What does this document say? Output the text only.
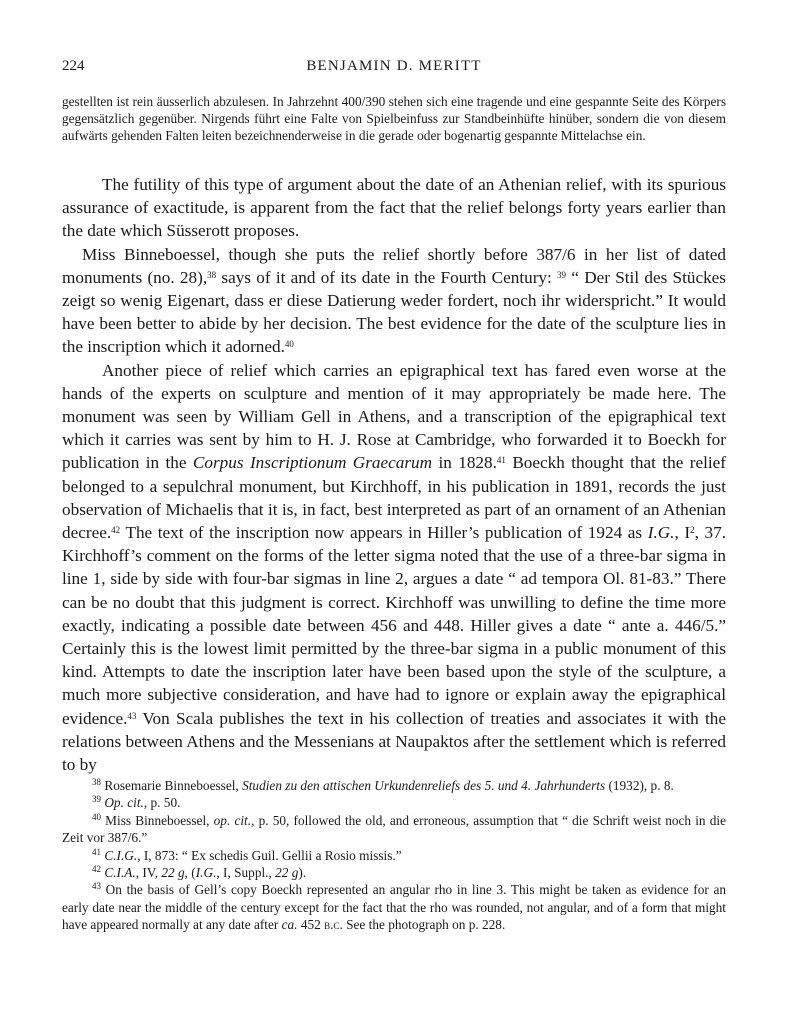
224	BENJAMIN D. MERITT
gestellten ist rein äusserlich abzulesen. In Jahrzehnt 400/390 stehen sich eine tragende und eine gespannte Seite des Körpers gegensätzlich gegenüber. Nirgends führt eine Falte von Spielbeinfuss zur Standbeinhüfte hinüber, sondern die von diesem aufwärts gehenden Falten leiten bezeichnenderweise in die gerade oder bogenartig gespannte Mittelachse ein.

The futility of this type of argument about the date of an Athenian relief, with its spurious assurance of exactitude, is apparent from the fact that the relief belongs forty years earlier than the date which Süsserott proposes.

Miss Binneboessel, though she puts the relief shortly before 387/6 in her list of dated monuments (no. 28),$^{38}$ says of it and of its date in the Fourth Century: $^{39}$ “ Der Stil des Stückes zeigt so wenig Eigenart, dass er diese Datierung weder fordert, noch ihr widerspricht.” It would have been better to abide by her decision. The best evidence for the date of the sculpture lies in the inscription which it adorned.$^{40}$

Another piece of relief which carries an epigraphical text has fared even worse at the hands of the experts on sculpture and mention of it may appropriately be made here. The monument was seen by William Gell in Athens, and a transcription of the epigraphical text which it carries was sent by him to H. J. Rose at Cambridge, who forwarded it to Boeckh for publication in the Corpus Inscriptionum Graecarum in 1828.41 Boeckh thought that the relief belonged to a sepulchral monument, but Kirchhoff, in his publication in 1891, records the just observation of Michaelis that it is, in fact, best interpreted as part of an ornament of an Athenian decree.$^{42}$ The text of the inscription now appears in Hiller’s publication of 1924 as I.G., $I^2$, 37. Kirchhoff’s comment on the forms of the letter sigma noted that the use of a three-bar sigma in line 1, side by side with four-bar sigmas in line 2, argues a date “ ad tempora Ol. 81-83.” There can be no doubt that this judgment is correct. Kirchhoff was unwilling to define the time more exactly, indicating a possible date between 456 and 448. Hiller gives a date “ ante a. 446/5.” Certainly this is the lowest limit permitted by the three-bar sigma in a public monument of this kind. Attempts to date the inscription later have been based upon the style of the sculpture, a much more subjective consideration, and have had to ignore or explain away the epigraphical evidence.$^{43}$ Von Scala publishes the text in his collection of treaties and associates it with the relations between Athens and the Messenians at Naupaktos after the settlement which is referred to by

$^{38}$ Rosemarie Binneboessel, Studien zu den attischen Urkundenreliefs des 5. und 4. Jahrhunderts (1932), p. 8.

$^{39}$ Op. cit., p. 50.

$^{40}$ Miss Binneboessel, op. cit., p. 50, followed the old, and erroneous, assumption that “ die Schrift weist noch in die Zeit vor 387/6.”

$^{41}$ C.I.G., I, 873: “ Ex schedis Guil. Gellii a Rosio missis.”

$^{42}$ C.I.A., IV, 22 g, (I.G., I, Suppl., 22 g).

$^{43}$ On the basis of Gell’s copy Boeckh represented an angular rho in line 3. This might be taken as evidence for an early date near the middle of the century except for the fact that the rho was rounded, not angular, and of a form that might have appeared normally at any date after ca. 452 b.c. See the photograph on p. 228.
